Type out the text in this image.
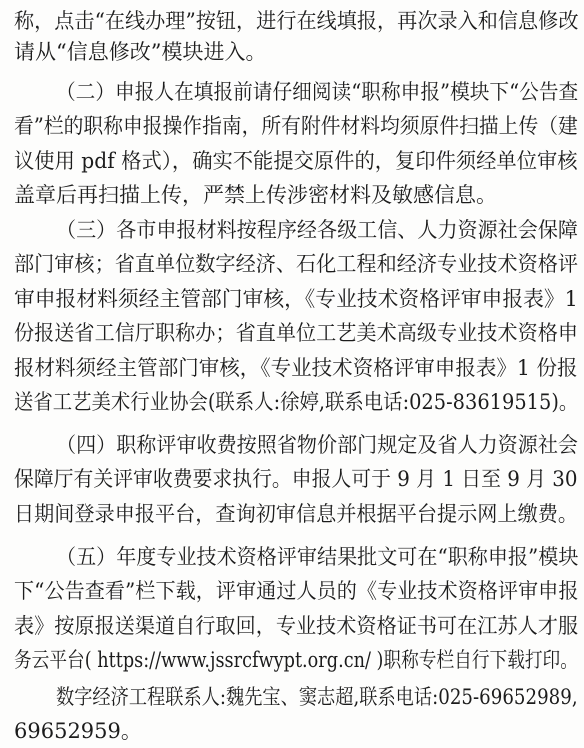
称，点击“在线办理”按钮，进行在线填报，再次录入和信息修改

请从“信息修改”模块进入。

（二）申报人在填报前请仔细阅读“职称申报”模块下“公告查

看”栏的职称申报操作指南，所有附件材料均须原件扫描上传（建

议使用 pdf 格式），确实不能提交原件的，复印件须经单位审核

盖章后再扫描上传，严禁上传涉密材料及敏感信息。

（三）各市申报材料按程序经各级工信、人力资源社会保障

部门审核；省直单位数字经济、石化工程和经济专业技术资格评

审申报材料须经主管部门审核，《专业技术资格评审申报表》1

份报送省工信厅职称办；省直单位工艺美术高级专业技术资格申

报材料须经主管部门审核，《专业技术资格评审申报表》1 份报

送省工艺美术行业协会(联系人:徐婷,联系电话:025-83619515)。

（四）职称评审收费按照省物价部门规定及省人力资源社会

保障厅有关评审收费要求执行。申报人可于 9 月 1 日至 9 月 30

日期间登录申报平台，查询初审信息并根据平台提示网上缴费。

（五）年度专业技术资格评审结果批文可在“职称申报”模块

下“公告查看”栏下载，评审通过人员的《专业技术资格评审申报

表》按原报送渠道自行取回，专业技术资格证书可在江苏人才服

务云平台( https://www.jssrcfwypt.org.cn/ )职称专栏自行下载打印。

数字经济工程联系人:魏先宝、窦志超,联系电话:025-69652989,

69652959。
